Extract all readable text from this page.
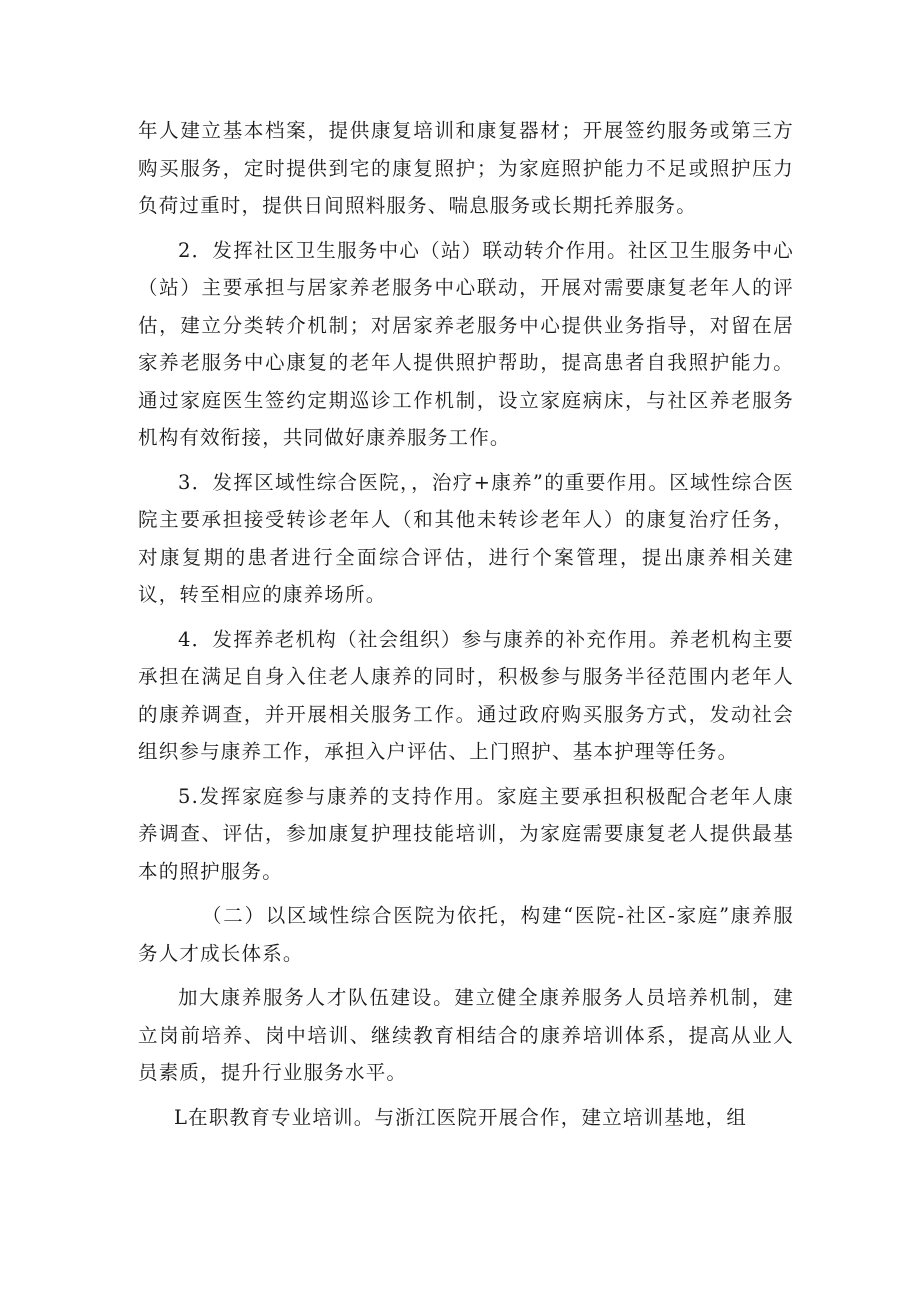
年人建立基本档案，提供康复培训和康复器材；开展签约服务或第三方购买服务，定时提供到宅的康复照护；为家庭照护能力不足或照护压力负荷过重时，提供日间照料服务、喘息服务或长期托养服务。

2．发挥社区卫生服务中心（站）联动转介作用。社区卫生服务中心（站）主要承担与居家养老服务中心联动，开展对需要康复老年人的评估，建立分类转介机制；对居家养老服务中心提供业务指导，对留在居家养老服务中心康复的老年人提供照护帮助，提高患者自我照护能力。通过家庭医生签约定期巡诊工作机制，设立家庭病床，与社区养老服务机构有效衔接，共同做好康养服务工作。

3．发挥区域性综合医院，，治疗+康养”的重要作用。区域性综合医院主要承担接受转诊老年人（和其他未转诊老年人）的康复治疗任务，对康复期的患者进行全面综合评估，进行个案管理，提出康养相关建议，转至相应的康养场所。

4．发挥养老机构（社会组织）参与康养的补充作用。养老机构主要承担在满足自身入住老人康养的同时，积极参与服务半径范围内老年人的康养调查，并开展相关服务工作。通过政府购买服务方式，发动社会组织参与康养工作，承担入户评估、上门照护、基本护理等任务。

5.发挥家庭参与康养的支持作用。家庭主要承担积极配合老年人康养调查、评估，参加康复护理技能培训，为家庭需要康复老人提供最基本的照护服务。

（二）以区域性综合医院为依托，构建“医院-社区-家庭”康养服务人才成长体系。

加大康养服务人才队伍建设。建立健全康养服务人员培养机制，建立岗前培养、岗中培训、继续教育相结合的康养培训体系，提高从业人员素质，提升行业服务水平。

L在职教育专业培训。与浙江医院开展合作，建立培训基地，组
